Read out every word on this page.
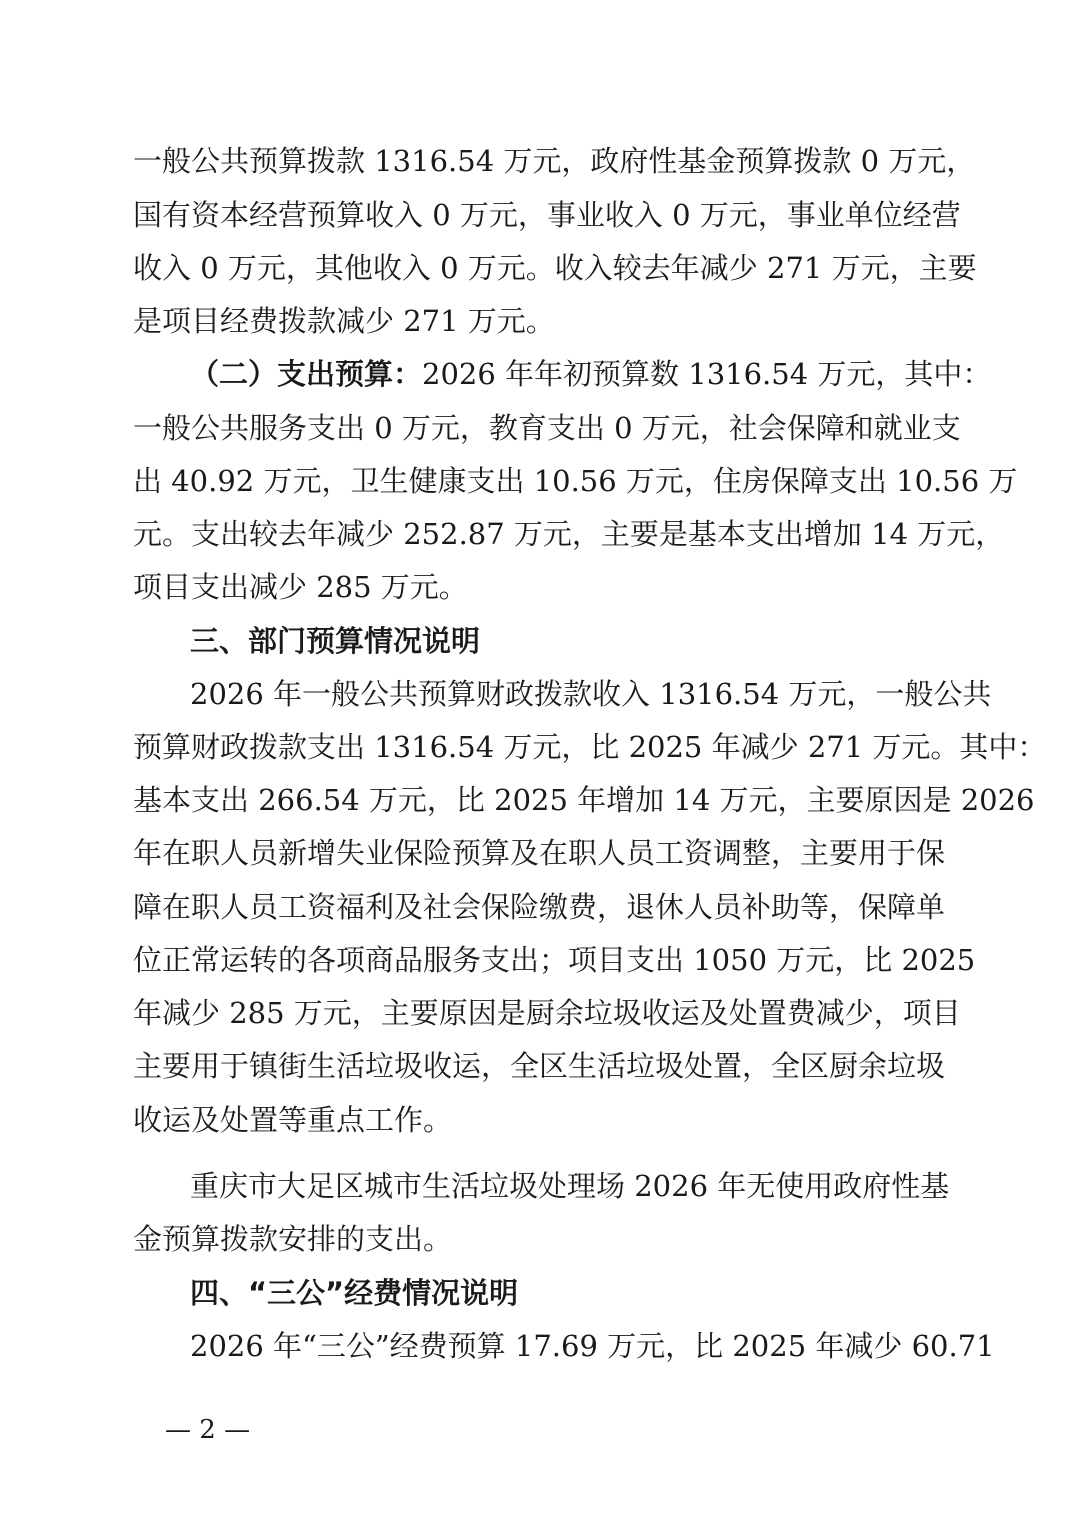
一般公共预算拨款 1316.54 万元，政府性基金预算拨款 0 万元，
国有资本经营预算收入 0 万元，事业收入 0 万元，事业单位经营
收入 0 万元，其他收入 0 万元。收入较去年减少 271 万元，主要
是项目经费拨款减少 271 万元。
（二）支出预算：2026 年年初预算数 1316.54 万元，其中：
一般公共服务支出 0 万元，教育支出 0 万元，社会保障和就业支
出 40.92 万元，卫生健康支出 10.56 万元，住房保障支出 10.56 万
元。支出较去年减少 252.87 万元，主要是基本支出增加 14 万元，
项目支出减少 285 万元。
三、部门预算情况说明
2026 年一般公共预算财政拨款收入 1316.54 万元，一般公共
预算财政拨款支出 1316.54 万元，比 2025 年减少 271 万元。其中：
基本支出 266.54 万元，比 2025 年增加 14 万元，主要原因是 2026
年在职人员新增失业保险预算及在职人员工资调整，主要用于保
障在职人员工资福利及社会保险缴费，退休人员补助等，保障单
位正常运转的各项商品服务支出；项目支出 1050 万元，比 2025
年减少 285 万元，主要原因是厨余垃圾收运及处置费减少，项目
主要用于镇街生活垃圾收运，全区生活垃圾处置，全区厨余垃圾
收运及处置等重点工作。
重庆市大足区城市生活垃圾处理场 2026 年无使用政府性基
金预算拨款安排的支出。
四、“三公”经费情况说明
2026 年“三公”经费预算 17.69 万元，比 2025 年减少 60.71
— 2 —
